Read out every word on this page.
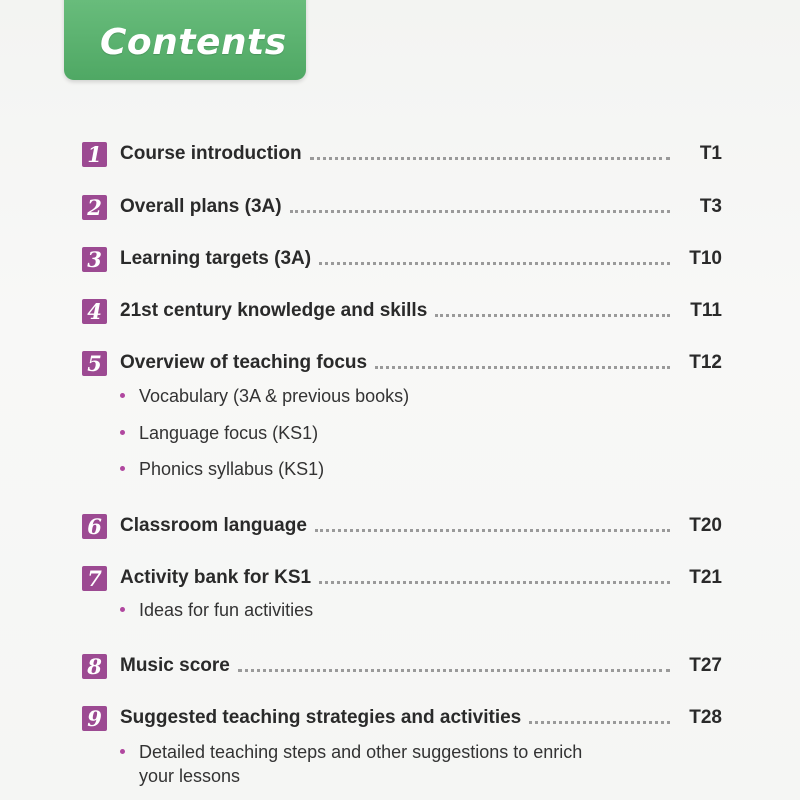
Contents
1 Course introduction	T1
2 Overall plans (3A)	T3
3 Learning targets (3A)	T10
4 21st century knowledge and skills	T11
5 Overview of teaching focus	T12
Vocabulary (3A & previous books)
Language focus (KS1)
Phonics syllabus (KS1)
6 Classroom language	T20
7 Activity bank for KS1	T21
Ideas for fun activities
8 Music score	T27
9 Suggested teaching strategies and activities	T28
Detailed teaching steps and other suggestions to enrich your lessons
